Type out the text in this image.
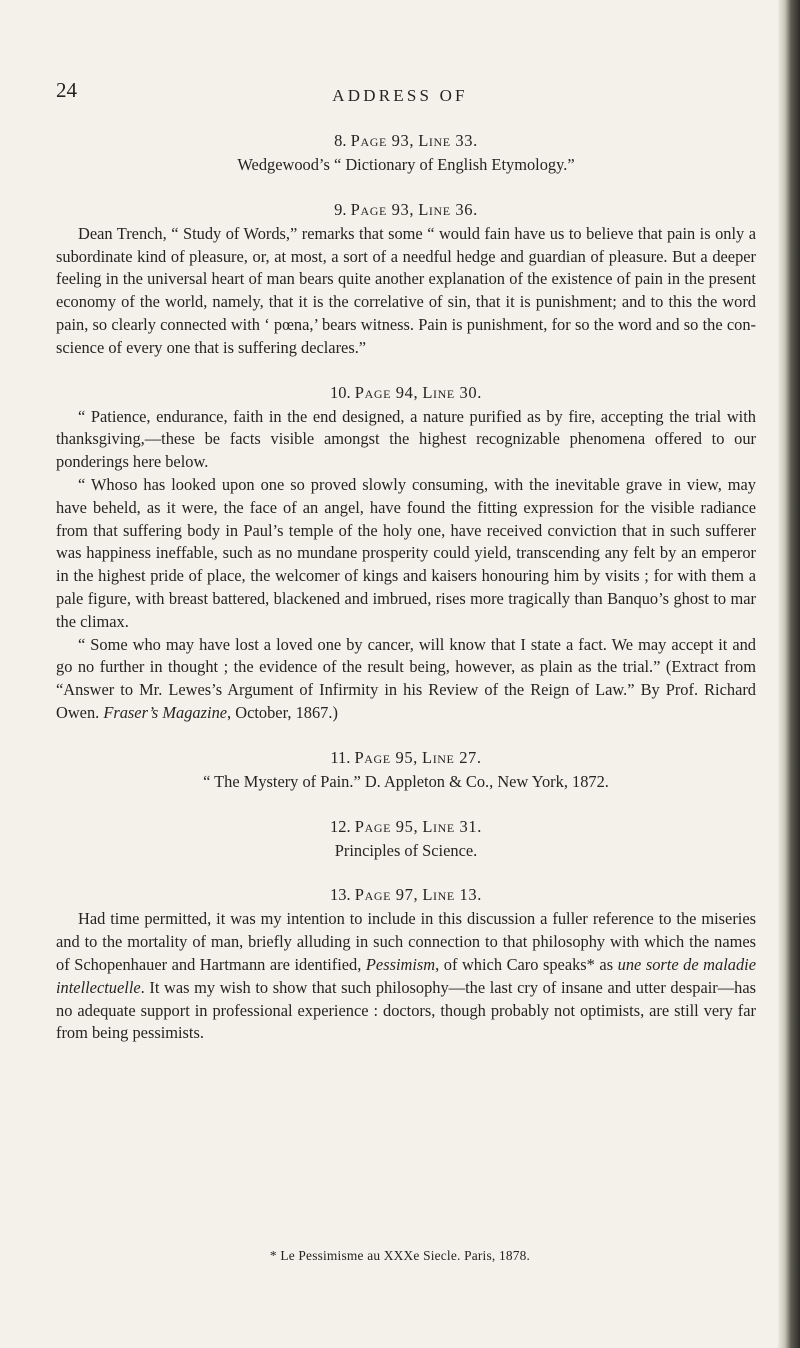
24	ADDRESS OF
8. Page 93, Line 33.

Wedgewood’s “ Dictionary of English Etymology.”

9. Page 93, Line 36.

Dean Trench, “ Study of Words,” remarks that some “ would fain have us to believe that pain is only a subordinate kind of pleasure, or, at most, a sort of a needful hedge and guardian of pleasure. But a deeper feeling in the universal heart of man bears quite another explanation of the existence of pain in the present economy of the world, namely, that it is the correlative of sin, that it is punishment; and to this the word pain, so clearly connected with ‘ pœna,’ bears witness. Pain is punishment, for so the word and so the conscience of every one that is suffering declares.”

10. Page 94, Line 30.

“ Patience, endurance, faith in the end designed, a nature purified as by fire, accepting the trial with thanksgiving,—these be facts visible amongst the highest recognizable phenomena offered to our ponderings here below.

“ Whoso has looked upon one so proved slowly consuming, with the inevitable grave in view, may have beheld, as it were, the face of an angel, have found the fitting expression for the visible radiance from that suffering body in Paul’s temple of the holy one, have received conviction that in such sufferer was happiness ineffable, such as no mundane prosperity could yield, transcending any felt by an emperor in the highest pride of place, the welcomer of kings and kaisers honouring him by visits ; for with them a pale figure, with breast battered, blackened and imbrued, rises more tragically than Banquo’s ghost to mar the climax.

“ Some who may have lost a loved one by cancer, will know that I state a fact. We may accept it and go no further in thought ; the evidence of the result being, however, as plain as the trial.” (Extract from “Answer to Mr. Lewes’s Argument of Infirmity in his Review of the Reign of Law.” By Prof. Richard Owen. Fraser’s Magazine, October, 1867.)

11. Page 95, Line 27.

“ The Mystery of Pain.” D. Appleton & Co., New York, 1872.

12. Page 95, Line 31.

Principles of Science.

13. Page 97, Line 13.

Had time permitted, it was my intention to include in this discussion a fuller reference to the miseries and to the mortality of man, briefly alluding in such connection to that philosophy with which the names of Schopenhauer and Hartmann are identified, Pessimism, of which Caro speaks* as une sorte de maladie intellectuelle. It was my wish to show that such philosophy—the last cry of insane and utter despair—has no adequate support in professional experience : doctors, though probably not optimists, are still very far from being pessimists.

* Le Pessimisme au XXXe Siecle. Paris, 1878.
